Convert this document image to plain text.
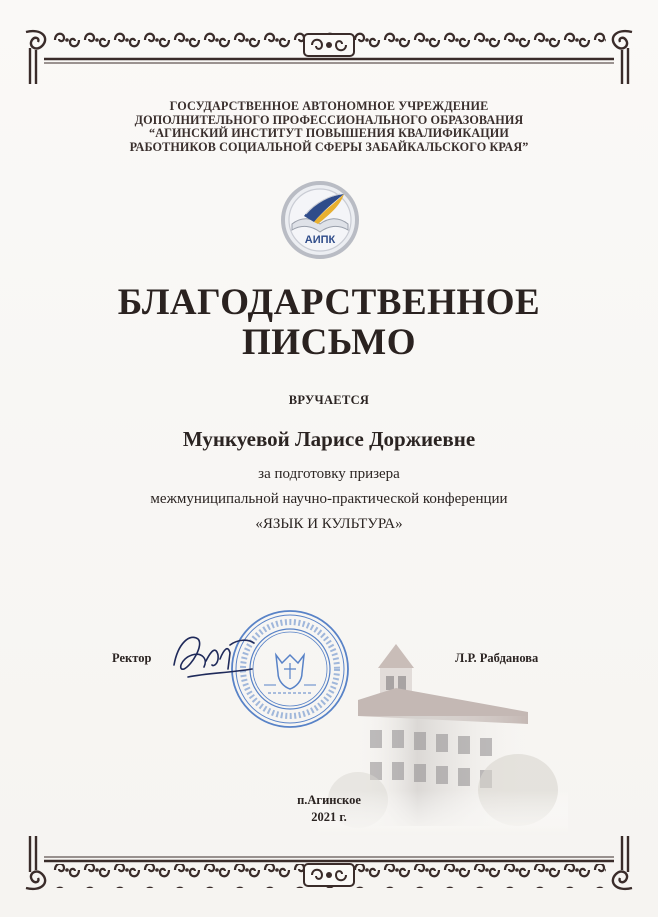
ГОСУДАРСТВЕННОЕ АВТОНОМНОЕ УЧРЕЖДЕНИЕ
ДОПОЛНИТЕЛЬНОГО ПРОФЕССИОНАЛЬНОГО ОБРАЗОВАНИЯ
“АГИНСКИЙ ИНСТИТУТ ПОВЫШЕНИЯ КВАЛИФИКАЦИИ
РАБОТНИКОВ СОЦИАЛЬНОЙ СФЕРЫ ЗАБАЙКАЛЬСКОГО КРАЯ”
АИПК
БЛАГОДАРСТВЕННОЕ
ПИСЬМО
ВРУЧАЕТСЯ
Мункуевой Ларисе Доржиевне
за подготовку призера
межмуниципальной научно-практической конференции
«ЯЗЫК И КУЛЬТУРА»
Ректор	Л.Р. Рабданова
п.Агинское
2021 г.
